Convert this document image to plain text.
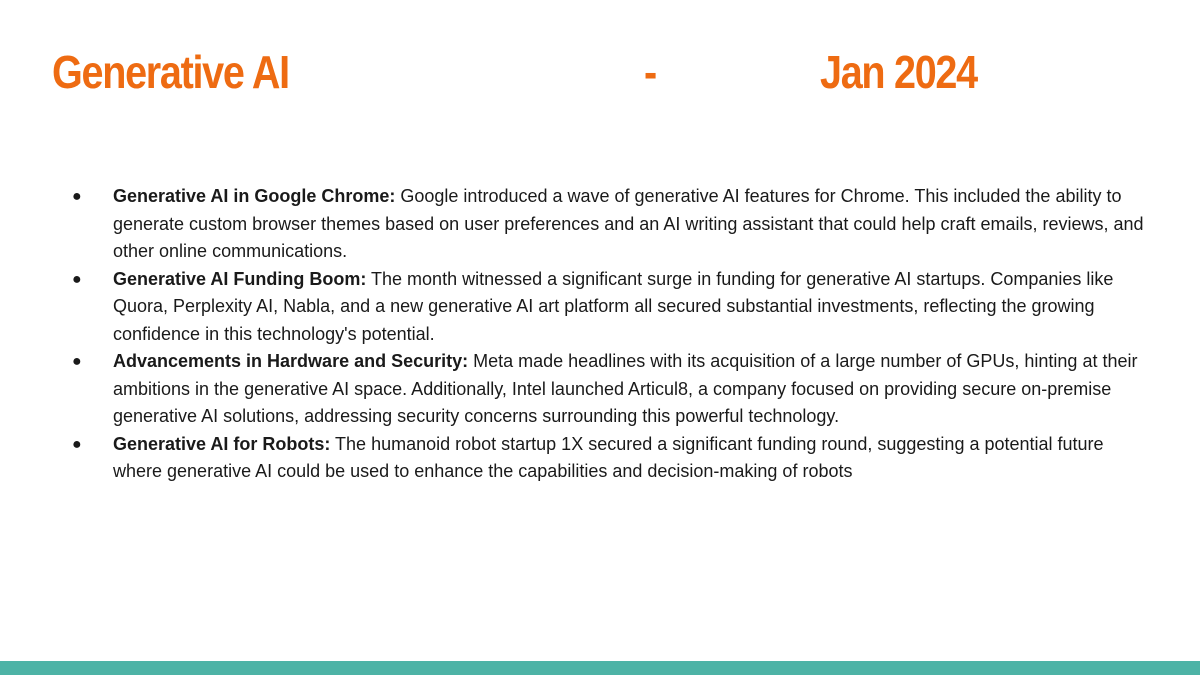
Generative AI	-	Jan 2024
● Generative AI in Google Chrome: Google introduced a wave of generative AI features for Chrome. This included the ability to generate custom browser themes based on user preferences and an AI writing assistant that could help craft emails, reviews, and other online communications.
● Generative AI Funding Boom: The month witnessed a significant surge in funding for generative AI startups. Companies like Quora, Perplexity AI, Nabla, and a new generative AI art platform all secured substantial investments, reflecting the growing confidence in this technology's potential.
● Advancements in Hardware and Security: Meta made headlines with its acquisition of a large number of GPUs, hinting at their ambitions in the generative AI space. Additionally, Intel launched Articul8, a company focused on providing secure on-premise generative AI solutions, addressing security concerns surrounding this powerful technology.
● Generative AI for Robots: The humanoid robot startup 1X secured a significant funding round, suggesting a potential future where generative AI could be used to enhance the capabilities and decision-making of robots
